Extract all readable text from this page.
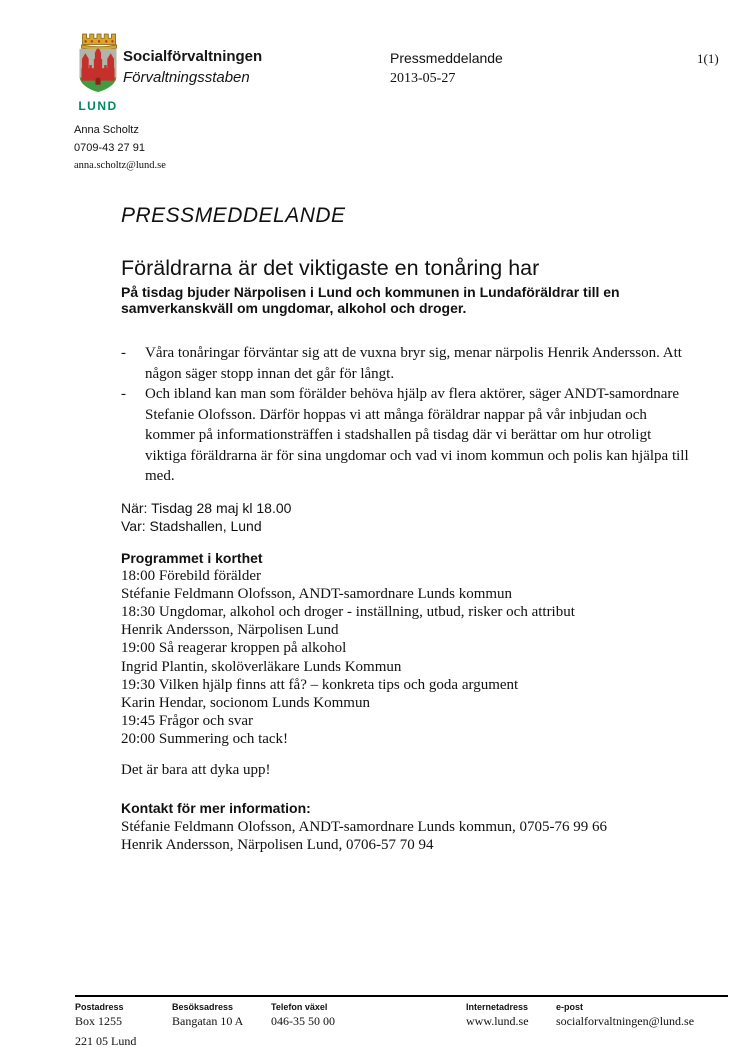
LUND
Socialförvaltningen
Förvaltningsstaben
Pressmeddelande
2013-05-27
1(1)
Anna Scholtz
0709-43 27 91
anna.scholtz@lund.se
PRESSMEDDELANDE
Föräldrarna är det viktigaste en tonåring har

På tisdag bjuder Närpolisen i Lund och kommunen in Lundaföräldrar till en samverkanskväll om ungdomar, alkohol och droger.

-	Våra tonåringar förväntar sig att de vuxna bryr sig, menar närpolis Henrik Andersson. Att någon säger stopp innan det går för långt.
-	Och ibland kan man som förälder behöva hjälp av flera aktörer, säger ANDT-samordnare Stefanie Olofsson. Därför hoppas vi att många föräldrar nappar på vår inbjudan och kommer på informationsträffen i stadshallen på tisdag där vi berättar om hur otroligt viktiga föräldrarna är för sina ungdomar och vad vi inom kommun och polis kan hjälpa till med.
När: Tisdag 28 maj kl 18.00
Var: Stadshallen, Lund
Programmet i korthet
18:00 Förebild förälder
Stéfanie Feldmann Olofsson, ANDT-samordnare Lunds kommun
18:30 Ungdomar, alkohol och droger - inställning, utbud, risker och attribut
Henrik Andersson, Närpolisen Lund
19:00 Så reagerar kroppen på alkohol
Ingrid Plantin, skolöverläkare Lunds Kommun
19:30 Vilken hjälp finns att få? – konkreta tips och goda argument
Karin Hendar, socionom Lunds Kommun
19:45 Frågor och svar
20:00 Summering och tack!

Det är bara att dyka upp!

Kontakt för mer information:
Stéfanie Feldmann Olofsson, ANDT-samordnare Lunds kommun, 0705-76 99 66
Henrik Andersson, Närpolisen Lund, 0706-57 70 94
Postadress
Box 1255
221 05 Lund
Besöksadress
Bangatan 10 A
Telefon växel
046-35 50 00
Internetadress
www.lund.se
e-post
socialforvaltningen@lund.se
